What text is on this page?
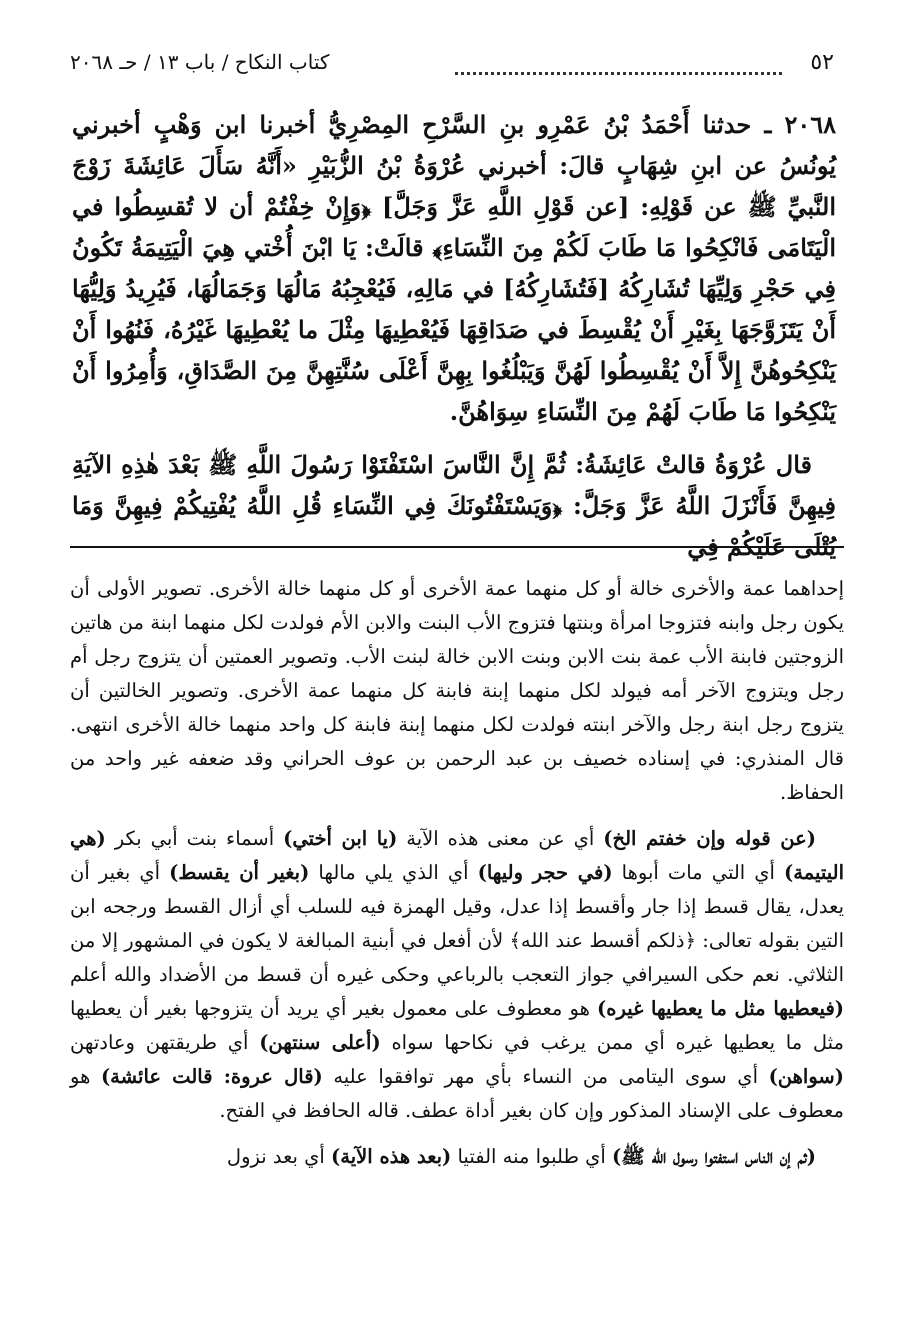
٥٢
كتاب النكاح / باب ١٣ / حـ ٢٠٦٨

٢٠٦٨ ـ حدثنا أَحْمَدُ بْنُ عَمْرِو بنِ السَّرْحِ المِصْرِيُّ أخبرنا ابن وَهْبٍ أخبرني يُونُسُ عن ابنِ شِهَابٍ قالَ: أخبرني عُرْوَةُ بْنُ الزُّبَيْرِ «أَنَّهُ سَأَلَ عَائِشَةَ زَوْجَ النَّبيِّ ﷺ عن قَوْلِهِ: [عن قَوْلِ اللَّهِ عَزَّ وَجَلَّ] ﴿وَإِنْ خِفْتُمْ أن لا تُقسِطُوا في الْيَتَامَى فَانْكِحُوا مَا طَابَ لَكُمْ مِنَ النِّسَاءِ﴾ قالَتْ: يَا ابْنَ أُخْتي هِيَ الْيَتِيمَةُ تَكُونُ فِي حَجْرِ وَلِيِّهَا تُشَارِكُهُ [فَتُشَارِكُهُ] في مَالِهِ، فَيُعْجِبُهُ مَالُهَا وَجَمَالُهَا، فَيُرِيدُ وَلِيُّهَا أَنْ يَتَزَوَّجَهَا بِغَيْرِ أَنْ يُقْسِطَ في صَدَاقِهَا فَيُعْطِيهَا مِثْلَ ما يُعْطِيهَا غَيْرُهُ، فَنُهُوا أَنْ يَنْكِحُوهُنَّ إِلاَّ أَنْ يُقْسِطُوا لَهُنَّ وَيَبْلُغُوا بِهِنَّ أَعْلَى سُنَّتِهِنَّ مِنَ الصَّدَاقِ، وَأُمِرُوا أَنْ يَنْكِحُوا مَا طَابَ لَهُمْ مِنَ النِّسَاءِ سِوَاهُنَّ.

قال عُرْوَةُ قالتْ عَائِشَةُ: ثُمَّ إِنَّ النَّاسَ اسْتَفْتَوْا رَسُولَ اللَّهِ ﷺ بَعْدَ هٰذِهِ الآيَةِ فِيهِنَّ فَأَنْزَلَ اللَّهُ عَزَّ وَجَلَّ: ﴿وَيَسْتَفْتُونَكَ فِي النِّسَاءِ قُلِ اللَّهُ يُفْتِيكُمْ فِيهِنَّ وَمَا يُتْلَى عَلَيْكُمْ فِي

إحداهما عمة والأخرى خالة أو كل منهما عمة الأخرى أو كل منهما خالة الأخرى. تصوير الأولى أن يكون رجل وابنه فتزوجا امرأة وبنتها فتزوج الأب البنت والابن الأم فولدت لكل منهما ابنة من هاتين الزوجتين فابنة الأب عمة بنت الابن وبنت الابن خالة لبنت الأب. وتصوير العمتين أن يتزوج رجل أم رجل ويتزوج الآخر أمه فيولد لكل منهما إبنة فابنة كل منهما عمة الأخرى. وتصوير الخالتين أن يتزوج رجل ابنة رجل والآخر ابنته فولدت لكل منهما إبنة فابنة كل واحد منهما خالة الأخرى انتهى. قال المنذري: في إسناده خصيف بن عبد الرحمن بن عوف الحراني وقد ضعفه غير واحد من الحفاظ.

(عن قوله وإن خفتم الخ) أي عن معنى هذه الآية (يا ابن أختي) أسماء بنت أبي بكر (هي اليتيمة) أي التي مات أبوها (في حجر وليها) أي الذي يلي مالها (بغير أن يقسط) أي بغير أن يعدل، يقال قسط إذا جار وأقسط إذا عدل، وقيل الهمزة فيه للسلب أي أزال القسط ورجحه ابن التين بقوله تعالى: ﴿ذلكم أقسط عند الله﴾ لأن أفعل في أبنية المبالغة لا يكون في المشهور إلا من الثلاثي. نعم حكى السيرافي جواز التعجب بالرباعي وحكى غيره أن قسط من الأضداد والله أعلم (فيعطيها مثل ما يعطيها غيره) هو معطوف على معمول بغير أي يريد أن يتزوجها بغير أن يعطيها مثل ما يعطيها غيره أي ممن يرغب في نكاحها سواه (أعلى سنتهن) أي طريقتهن وعادتهن (سواهن) أي سوى اليتامى من النساء بأي مهر توافقوا عليه (قال عروة: قالت عائشة) هو معطوف على الإسناد المذكور وإن كان بغير أداة عطف. قاله الحافظ في الفتح.

(ثم إن الناس استفتوا رسول الله ﷺ) أي طلبوا منه الفتيا (بعد هذه الآية) أي بعد نزول
